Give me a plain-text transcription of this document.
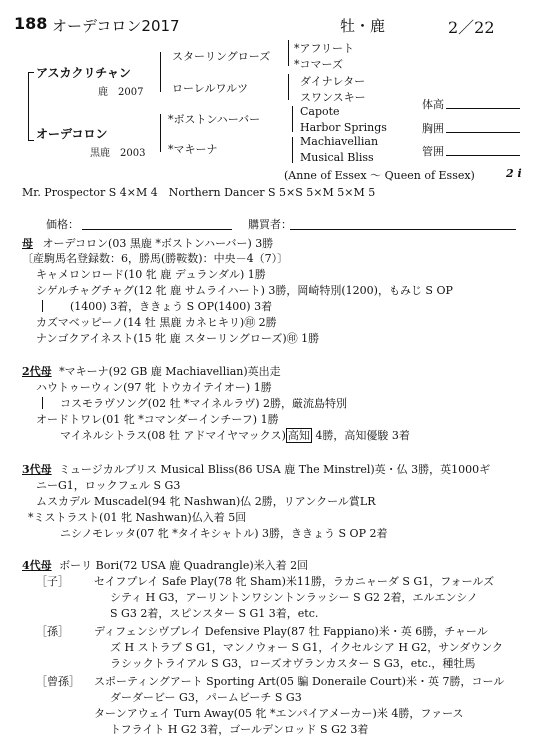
188 オーデコロン2017	牡・鹿	2／22
アスカクリチャン
鹿　2007
オーデコロン
黒鹿　2003
スターリングローズ
ローレルワルツ
*アフリート
*コマーズ
ダイナレター
スワンスキー
*ボストンハーバー
*マキーナ
Capote
Harbor Springs
Machiavellian
Musical Bliss
(Anne of Essex ～ Queen of Essex)	2 i
体高
胸囲
管囲
Mr. Prospector S 4×M 4　Northern Dancer S 5×S 5×M 5×M 5
価格：	購買者：
母 オーデコロン(03 黒鹿 *ボストンハーバー) 3勝
〔産駒馬名登録数：6，勝馬(勝鞍数)：中央－4（7）〕
キャメロンロード(10 牝 鹿 デュランダル) 1勝
シゲルチャグチャグ(12 牝 鹿 サムライハート) 3勝，岡崎特別(1200)，もみじ S OP
(1400) 3着，ききょう S OP(1400) 3着
カズマベッピーノ(14 牡 黒鹿 カネヒキリ)㊞ 2勝
ナンゴクアイネスト(15 牝 鹿 スターリングローズ)㊞ 1勝
2代母 *マキーナ(92 GB 鹿 Machiavellian)英出走
ハウトゥーウィン(97 牝 トウカイテイオー) 1勝
コスモラヴソング(02 牡 *マイネルラヴ) 2勝，厳流島特別
オードトワレ(01 牝 *コマンダーインチーフ) 1勝
マイネルシトラス(08 牡 アドマイヤマックス) 高知 4勝，高知優駿 3着
3代母 ミュージカルブリス Musical Bliss(86 USA 鹿 The Minstrel)英・仏 3勝，英1000ギ
ニーG1，ロックフェル S G3
ムスカデル Muscadel(94 牝 Nashwan)仏 2勝，リアンクール賞LR
*ミストラスト(01 牝 Nashwan)仏入着 5回
ニシノモレッタ(07 牝 *タイキシャトル) 3勝，ききょう S OP 2着
4代母 ボーリ Bori(72 USA 鹿 Quadrangle)米入着 2回
［子］ セイフプレイ Safe Play(78 牝 Sham)米11勝，ラカニャーダ S G1，フォールズ
シティ H G3，アーリントンワシントンラッシー S G2 2着，エルエンシノ
S G3 2着，スピンスター S G1 3着，etc.
［孫］ ディフェンシヴプレイ Defensive Play(87 牡 Fappiano)米・英 6勝，チャール
ズ H ストラブ S G1，マンノウォー S G1，イクセルシア H G2，サンダウンク
ラシックトライアル S G3，ローズオヴランカスター S G3，etc.，種牡馬
［曾孫］ スポーティングアート Sporting Art(05 騙 Doneraile Court)米・英 7勝，コール
ダーダービー G3，パームビーチ S G3
ターンアウェイ Turn Away(05 牝 *エンパイアメーカー)米 4勝，ファース
トフライト H G2 3着，ゴールデンロッド S G2 3着
